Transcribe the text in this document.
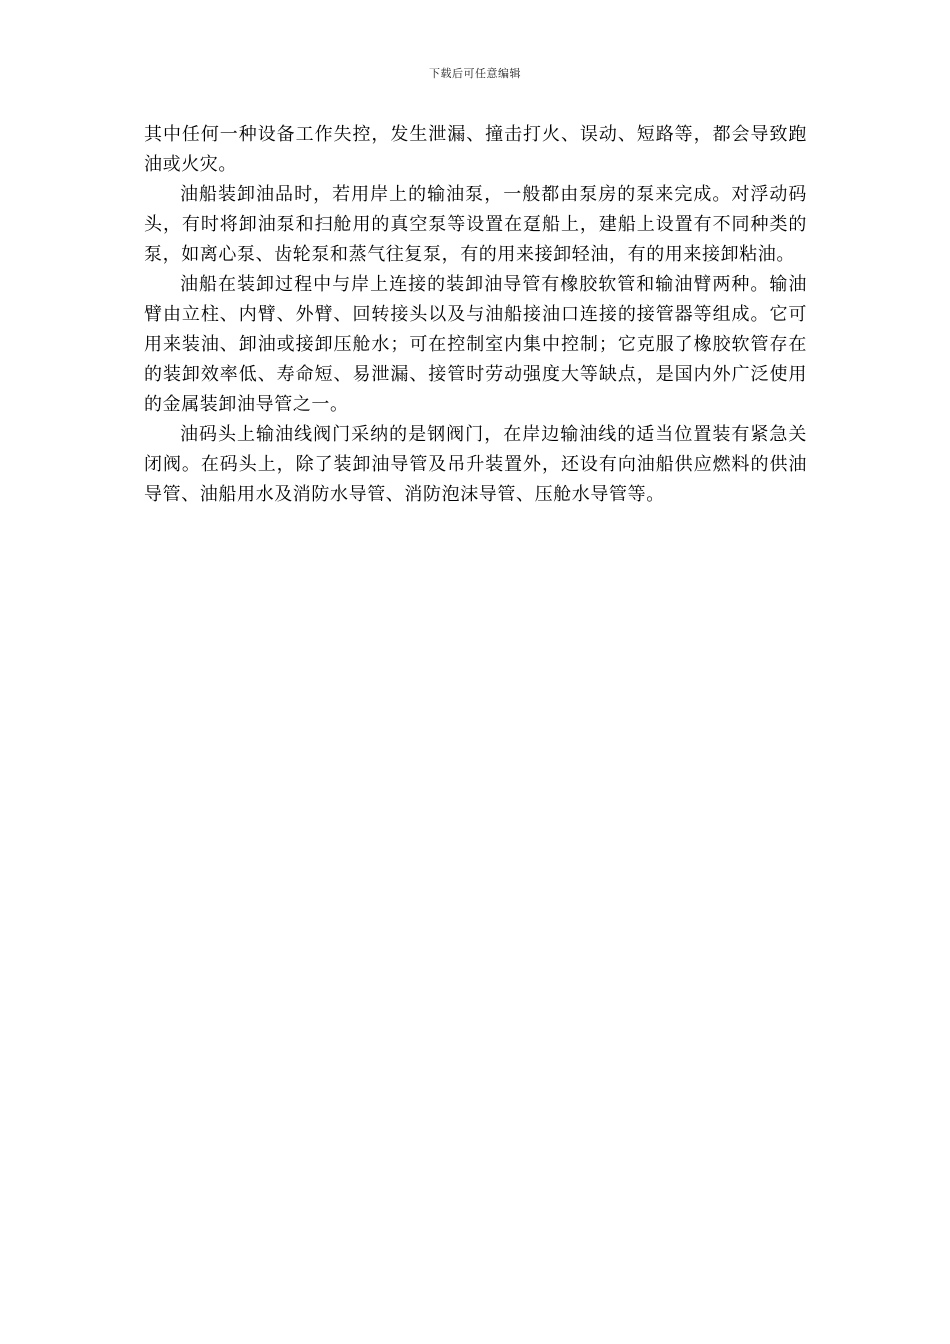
下载后可任意编辑

其中任何一种设备工作失控，发生泄漏、撞击打火、误动、短路等，都会导致跑油或火灾。

油船装卸油品时，若用岸上的输油泵，一般都由泵房的泵来完成。对浮动码头，有时将卸油泵和扫舱用的真空泵等设置在趸船上，建船上设置有不同种类的泵，如离心泵、齿轮泵和蒸气往复泵，有的用来接卸轻油，有的用来接卸粘油。

油船在装卸过程中与岸上连接的装卸油导管有橡胶软管和输油臂两种。输油臂由立柱、内臂、外臂、回转接头以及与油船接油口连接的接管器等组成。它可用来装油、卸油或接卸压舱水；可在控制室内集中控制；它克服了橡胶软管存在的装卸效率低、寿命短、易泄漏、接管时劳动强度大等缺点，是国内外广泛使用的金属装卸油导管之一。

油码头上输油线阀门采纳的是钢阀门，在岸边输油线的适当位置装有紧急关闭阀。在码头上，除了装卸油导管及吊升装置外，还设有向油船供应燃料的供油导管、油船用水及消防水导管、消防泡沫导管、压舱水导管等。
